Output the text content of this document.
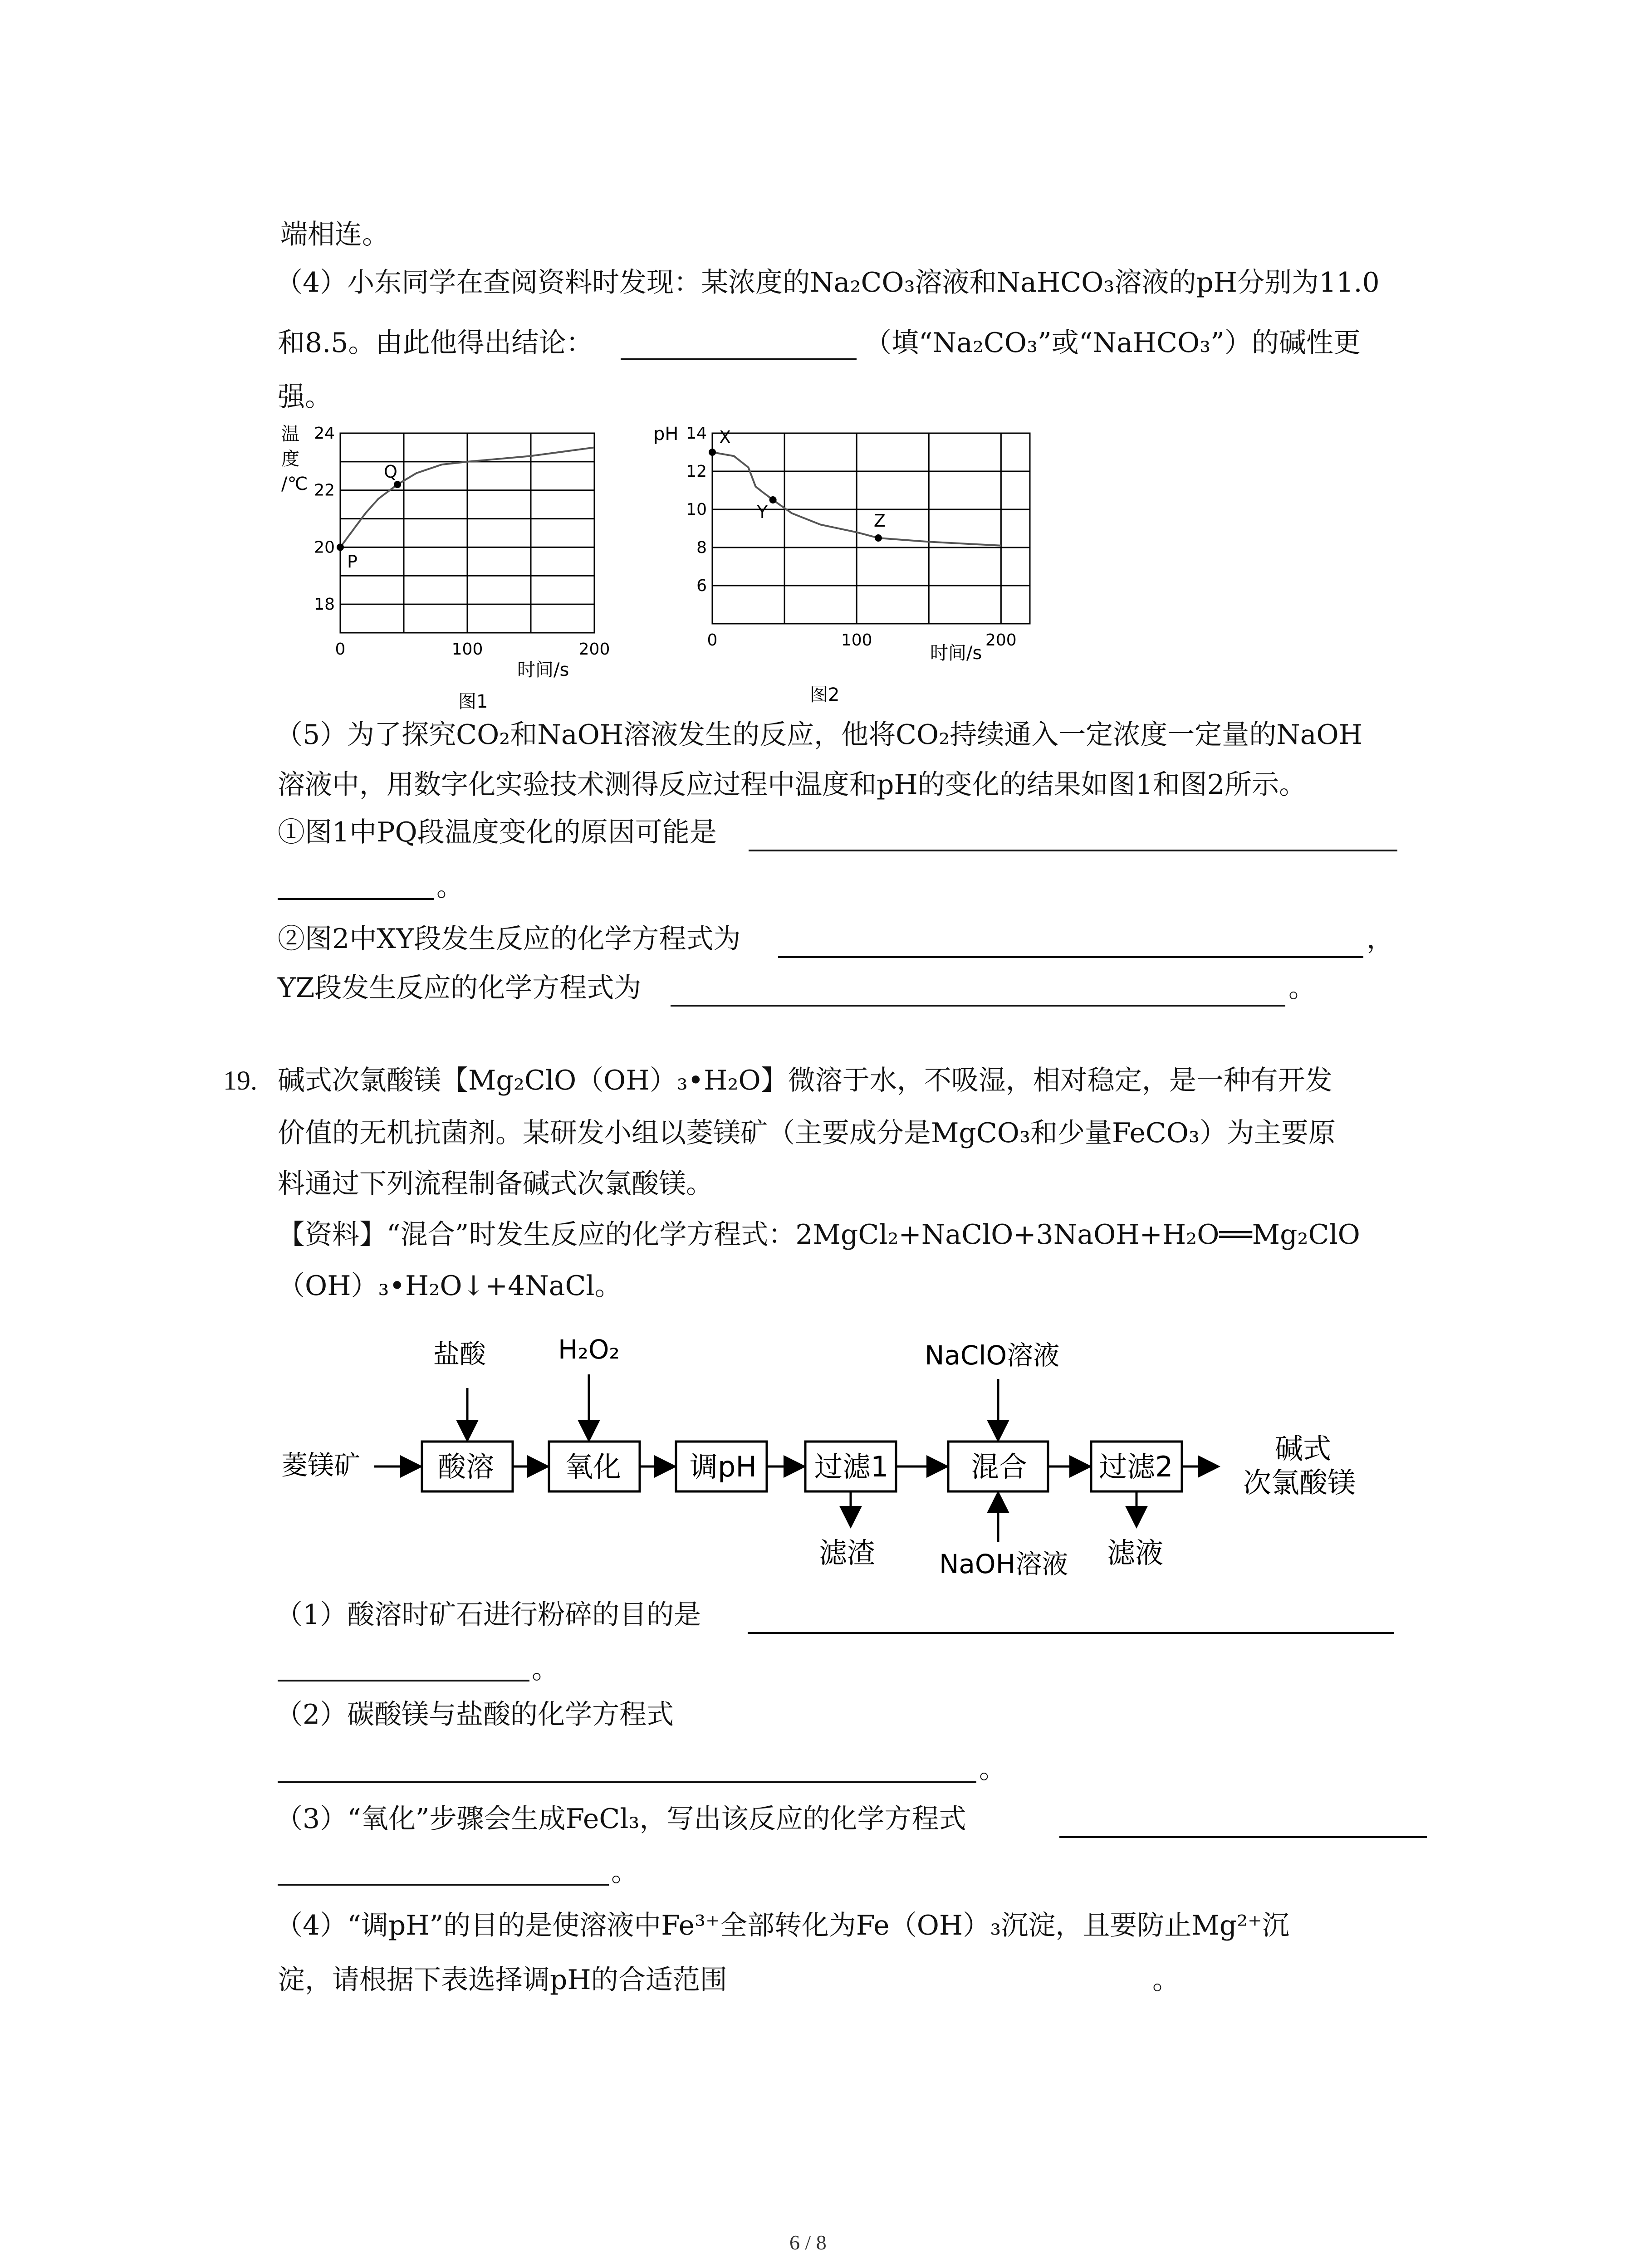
端相连。
（4）小东同学在查阅资料时发现：某浓度的Na₂CO₃溶液和NaHCO₃溶液的pH分别为11.0
和8.5。由此他得出结论：	（填“Na₂CO₃”或“NaHCO₃”）的碱性更
强。
P
Q
温
度
/℃
时间/s
图1
24
22
20
18
0	100	200
X
Y	Z
pH
时间/s
图2
14
12
10
8
6
0	100	200
（5）为了探究CO₂和NaOH溶液发生的反应，他将CO₂持续通入一定浓度一定量的NaOH
溶液中，用数字化实验技术测得反应过程中温度和pH的变化的结果如图1和图2所示。
①图1中PQ段温度变化的原因可能是
。
②图2中XY段发生反应的化学方程式为	，
YZ段发生反应的化学方程式为	。
19. 碱式次氯酸镁【Mg₂ClO（OH）₃•H₂O】微溶于水，不吸湿，相对稳定，是一种有开发
价值的无机抗菌剂。某研发小组以菱镁矿（主要成分是MgCO₃和少量FeCO₃）为主要原
料通过下列流程制备碱式次氯酸镁。
【资料】“混合”时发生反应的化学方程式：2MgCl₂+NaClO+3NaOH+H₂O══Mg₂ClO
（OH）₃•H₂O↓+4NaCl。
菱镁矿
盐酸	H₂O₂	NaClO溶液
NaOH溶液
酸溶	氧化 调pH 过滤1	混合	过滤2
滤渣	滤液
碱式
次氯酸镁
（1）酸溶时矿石进行粉碎的目的是
。
（2）碳酸镁与盐酸的化学方程式
。
（3）“氧化”步骤会生成FeCl₃，写出该反应的化学方程式
。
（4）“调pH”的目的是使溶液中Fe³⁺全部转化为Fe（OH）₃沉淀，且要防止Mg²⁺沉
淀，请根据下表选择调pH的合适范围	。
6 / 8
